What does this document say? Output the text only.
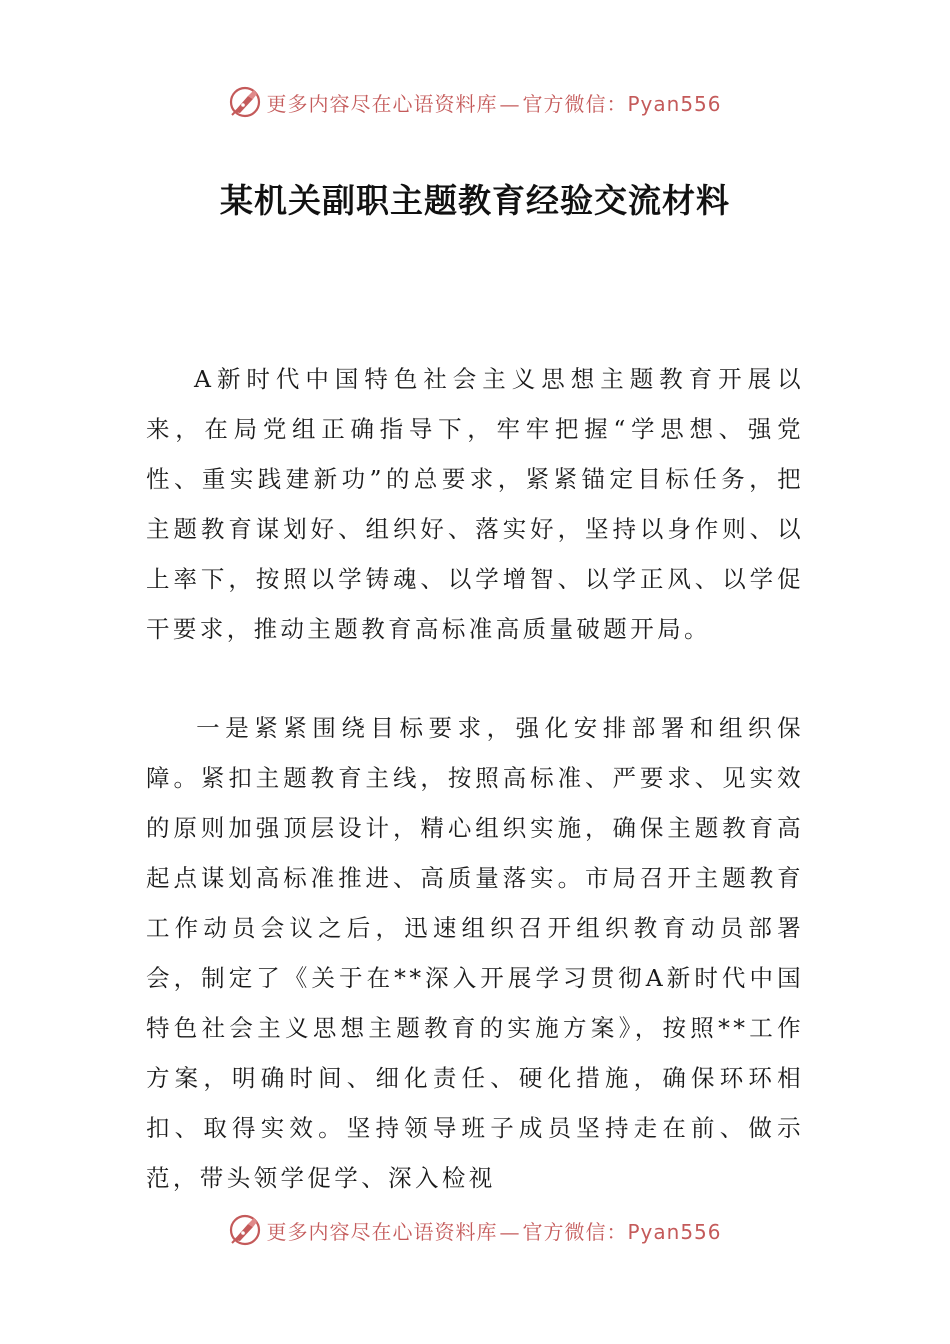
更多内容尽在心语资料库 — 官方微信：Pyan556
某机关副职主题教育经验交流材料

A新时代中国特色社会主义思想主题教育开展以来，在局党组正确指导下，牢牢把握“学思想、强党性、重实践建新功”的总要求，紧紧锚定目标任务，把主题教育谋划好、组织好、落实好，坚持以身作则、以上率下，按照以学铸魂、以学增智、以学正风、以学促干要求，推动主题教育高标准高质量破题开局。

一是紧紧围绕目标要求，强化安排部署和组织保障。紧扣主题教育主线，按照高标准、严要求、见实效的原则加强顶层设计，精心组织实施，确保主题教育高起点谋划高标准推进、高质量落实。市局召开主题教育工作动员会议之后，迅速组织召开组织教育动员部署会，制定了《关于在**深入开展学习贯彻A新时代中国特色社会主义思想主题教育的实施方案》，按照**工作方案，明确时间、细化责任、硬化措施，确保环环相扣、取得实效。坚持领导班子成员坚持走在前、做示范，带头领学促学、深入检视

更多内容尽在心语资料库 — 官方微信：Pyan556
